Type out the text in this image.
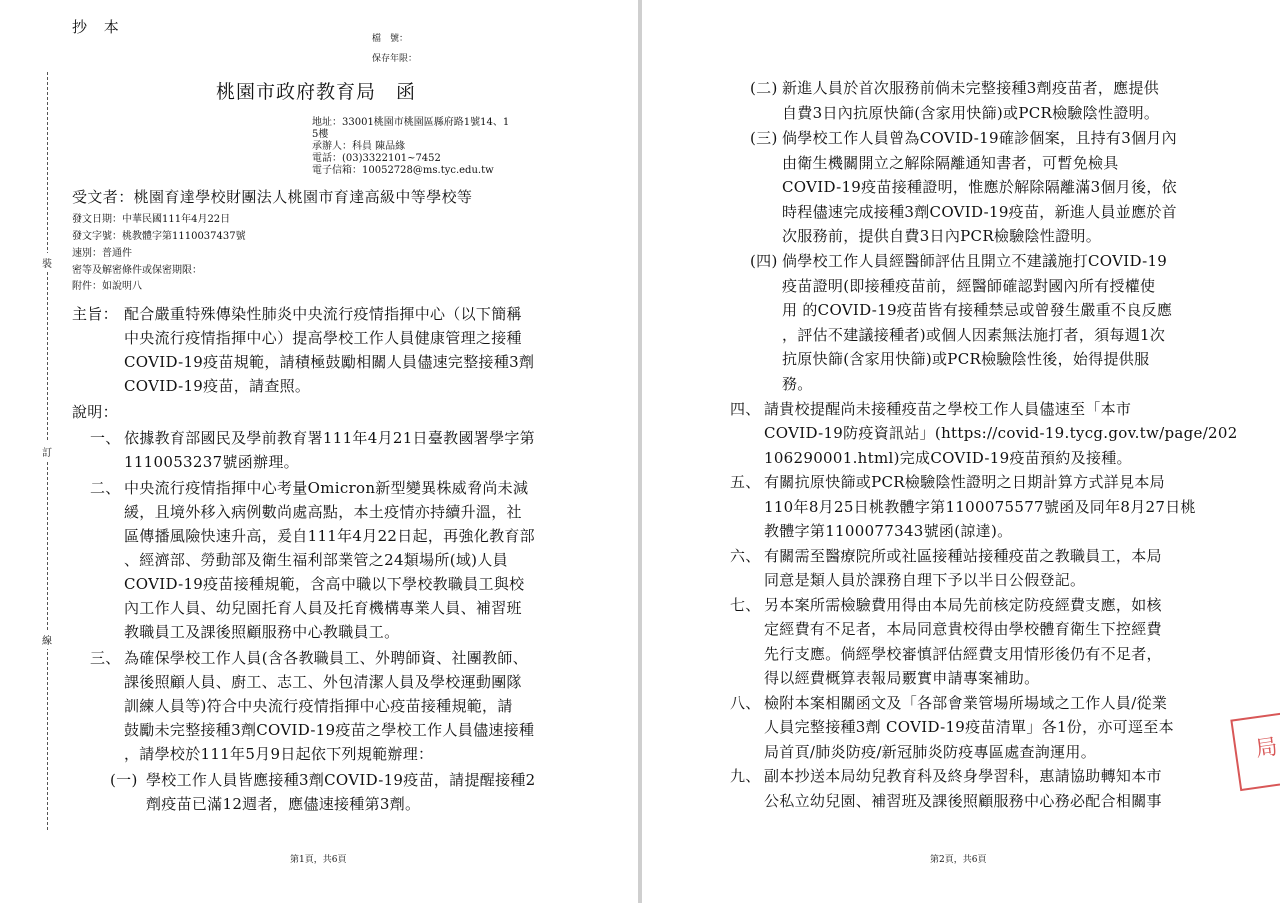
抄 本
檔　號：
保存年限：
桃園市政府教育局　函
地址：33001桃園市桃園區縣府路1號14、1
5樓
承辦人：科員 陳品緣
電話：(03)3322101~7452
電子信箱：10052728@ms.tyc.edu.tw
受文者：桃園育達學校財團法人桃園市育達高級中等學校等
發文日期：中華民國111年4月22日
發文字號：桃教體字第1110037437號
速別：普通件
密等及解密條件或保密期限：
附件：如說明八
裝
訂
線
主旨： 配合嚴重特殊傳染性肺炎中央流行疫情指揮中心（以下簡稱
中央流行疫情指揮中心）提高學校工作人員健康管理之接種
COVID-19疫苗規範，請積極鼓勵相關人員儘速完整接種3劑
COVID-19疫苗，請查照。
說明：
一、 依據教育部國民及學前教育署111年4月21日臺教國署學字第
1110053237號函辦理。
二、 中央流行疫情指揮中心考量Omicron新型變異株威脅尚未減
緩，且境外移入病例數尚處高點，本土疫情亦持續升溫，社
區傳播風險快速升高，爰自111年4月22日起，再強化教育部
、經濟部、勞動部及衛生福利部業管之24類場所(域)人員
COVID-19疫苗接種規範，含高中職以下學校教職員工與校
內工作人員、幼兒園托育人員及托育機構專業人員、補習班
教職員工及課後照顧服務中心教職員工。
三、 為確保學校工作人員(含各教職員工、外聘師資、社團教師、
課後照顧人員、廚工、志工、外包清潔人員及學校運動團隊
訓練人員等)符合中央流行疫情指揮中心疫苗接種規範，請
鼓勵未完整接種3劑COVID-19疫苗之學校工作人員儘速接種
，請學校於111年5月9日起依下列規範辦理：
(一) 學校工作人員皆應接種3劑COVID-19疫苗，請提醒接種2
劑疫苗已滿12週者，應儘速接種第3劑。
第1頁，共6頁
(二) 新進人員於首次服務前倘未完整接種3劑疫苗者，應提供
自費3日內抗原快篩(含家用快篩)或PCR檢驗陰性證明。
(三) 倘學校工作人員曾為COVID-19確診個案，且持有3個月內
由衛生機關開立之解除隔離通知書者，可暫免檢具
COVID-19疫苗接種證明，惟應於解除隔離滿3個月後，依
時程儘速完成接種3劑COVID-19疫苗，新進人員並應於首
次服務前，提供自費3日內PCR檢驗陰性證明。
(四) 倘學校工作人員經醫師評估且開立不建議施打COVID-19
疫苗證明(即接種疫苗前，經醫師確認對國內所有授權使
用 的COVID-19疫苗皆有接種禁忌或曾發生嚴重不良反應
，評估不建議接種者)或個人因素無法施打者，須每週1次
抗原快篩(含家用快篩)或PCR檢驗陰性後，始得提供服
務。
四、 請貴校提醒尚未接種疫苗之學校工作人員儘速至「本市
COVID-19防疫資訊站」(https://covid-19.tycg.gov.tw/page/202
106290001.html)完成COVID-19疫苗預約及接種。
五、 有關抗原快篩或PCR檢驗陰性證明之日期計算方式詳見本局
110年8月25日桃教體字第1100075577號函及同年8月27日桃
教體字第1100077343號函(諒達)。
六、 有關需至醫療院所或社區接種站接種疫苗之教職員工，本局
同意是類人員於課務自理下予以半日公假登記。
七、 另本案所需檢驗費用得由本局先前核定防疫經費支應，如核
定經費有不足者，本局同意貴校得由學校體育衛生下控經費
先行支應。倘經學校審慎評估經費支用情形後仍有不足者，
得以經費概算表報局覈實申請專案補助。
八、 檢附本案相關函文及「各部會業管場所場域之工作人員/從業
人員完整接種3劑 COVID-19疫苗清單」各1份，亦可逕至本
局首頁/肺炎防疫/新冠肺炎防疫專區處查詢運用。
九、 副本抄送本局幼兒教育科及終身學習科，惠請協助轉知本市
公私立幼兒園、補習班及課後照顧服務中心務必配合相關事
局
第2頁，共6頁
